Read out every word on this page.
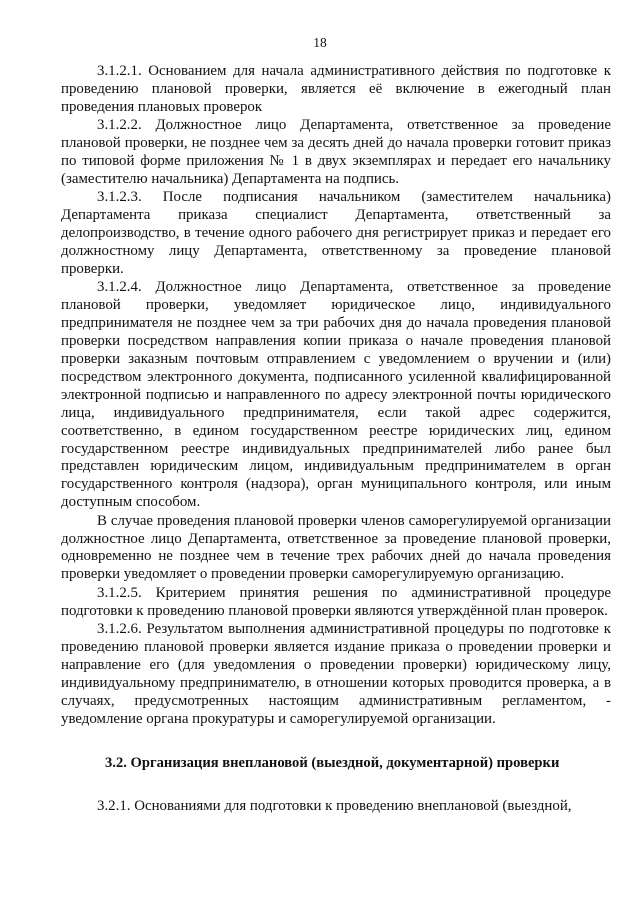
18

3.1.2.1. Основанием для начала административного действия по подготовке к проведению плановой проверки, является её включение в ежегодный план проведения плановых проверок

3.1.2.2. Должностное лицо Департамента, ответственное за проведение плановой проверки, не позднее чем за десять дней до начала проверки готовит приказ по типовой форме приложения № 1 в двух экземплярах и передает его начальнику (заместителю начальника) Департамента на подпись.

3.1.2.3. После подписания начальником (заместителем начальника) Департамента приказа специалист Департамента, ответственный за делопроизводство, в течение одного рабочего дня регистрирует приказ и передает его должностному лицу Департамента, ответственному за проведение плановой проверки.

3.1.2.4. Должностное лицо Департамента, ответственное за проведение плановой проверки, уведомляет юридическое лицо, индивидуального предпринимателя не позднее чем за три рабочих дня до начала проведения плановой проверки посредством направления копии приказа о начале проведения плановой проверки заказным почтовым отправлением с уведомлением о вручении и (или) посредством электронного документа, подписанного усиленной квалифицированной электронной подписью и направленного по адресу электронной почты юридического лица, индивидуального предпринимателя, если такой адрес содержится, соответственно, в едином государственном реестре юридических лиц, едином государственном реестре индивидуальных предпринимателей либо ранее был представлен юридическим лицом, индивидуальным предпринимателем в орган государственного контроля (надзора), орган муниципального контроля, или иным доступным способом.

В случае проведения плановой проверки членов саморегулируемой организации должностное лицо Департамента, ответственное за проведение плановой проверки, одновременно не позднее чем в течение трех рабочих дней до начала проведения проверки уведомляет о проведении проверки саморегулируемую организацию.

3.1.2.5. Критерием принятия решения по административной процедуре подготовки к проведению плановой проверки являются утверждённой план проверок.

3.1.2.6. Результатом выполнения административной процедуры по подготовке к проведению плановой проверки является издание приказа о проведении проверки и направление его (для уведомления о проведении проверки) юридическому лицу, индивидуальному предпринимателю, в отношении которых проводится проверка, а в случаях, предусмотренных настоящим административным регламентом, - уведомление органа прокуратуры и саморегулируемой организации.

3.2. Организация внеплановой (выездной, документарной) проверки

3.2.1. Основаниями для подготовки к проведению внеплановой (выездной,
